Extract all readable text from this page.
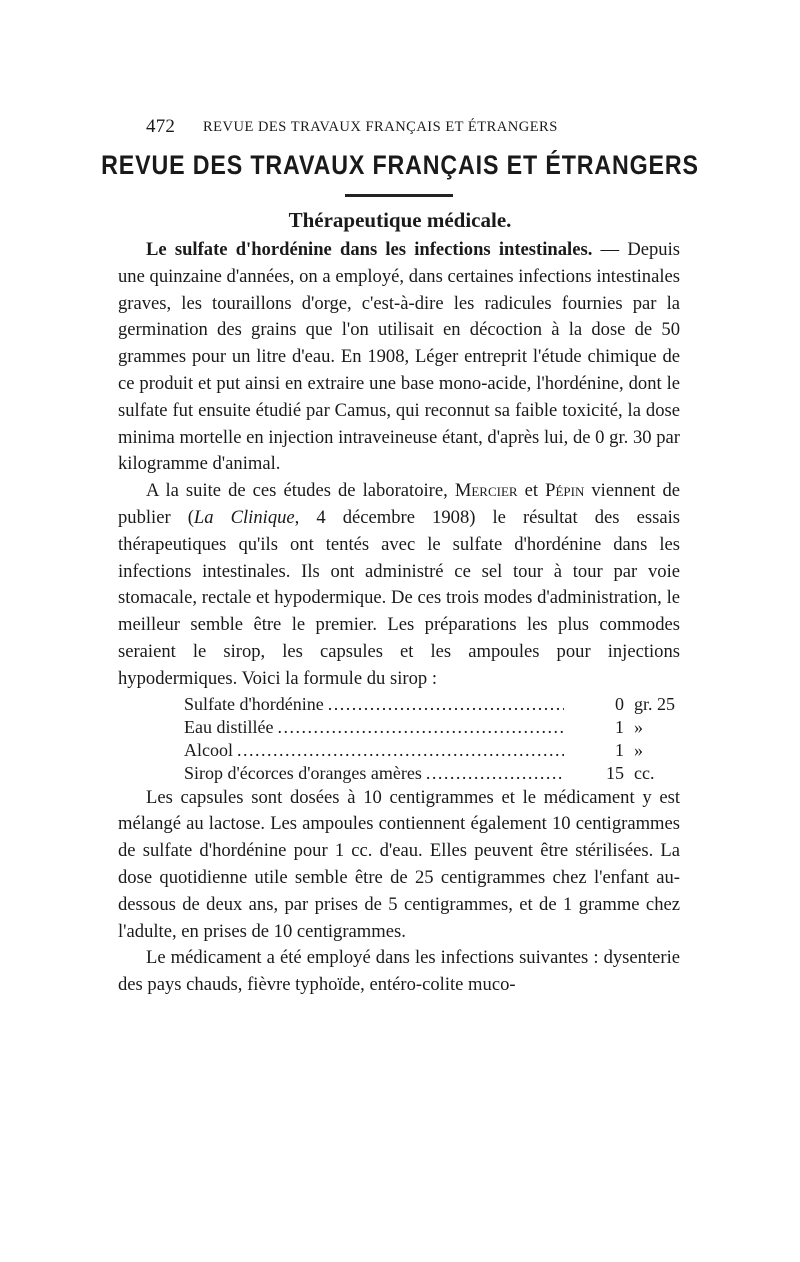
472 REVUE DES TRAVAUX FRANÇAIS ET ÉTRANGERS
REVUE DES TRAVAUX FRANÇAIS ET ÉTRANGERS
Thérapeutique médicale.

Le sulfate d'hordénine dans les infections intestinales. — Depuis une quinzaine d'années, on a employé, dans certaines infections intestinales graves, les touraillons d'orge, c'est-à-dire les radicules fournies par la germination des grains que l'on utilisait en décoction à la dose de 50 grammes pour un litre d'eau. En 1908, Léger entreprit l'étude chimique de ce produit et put ainsi en extraire une base mono-acide, l'hordénine, dont le sulfate fut ensuite étudié par Camus, qui reconnut sa faible toxicité, la dose minima mortelle en injection intraveineuse étant, d'après lui, de 0 gr. 30 par kilogramme d'animal.

A la suite de ces études de laboratoire, Mercier et Pépin viennent de publier (La Clinique, 4 décembre 1908) le résultat des essais thérapeutiques qu'ils ont tentés avec le sulfate d'hordénine dans les infections intestinales. Ils ont administré ce sel tour à tour par voie stomacale, rectale et hypodermique. De ces trois modes d'administration, le meilleur semble être le premier. Les préparations les plus commodes seraient le sirop, les capsules et les ampoules pour injections hypodermiques. Voici la formule du sirop :

Sulfate d'hordénine .....	0 gr. 25
Eau distillée .....	1 »
Alcool .....	1 »
Sirop d'écorces d'oranges amères .....	15 cc.

Les capsules sont dosées à 10 centigrammes et le médicament y est mélangé au lactose. Les ampoules contiennent également 10 centigrammes de sulfate d'hordénine pour 1 cc. d'eau. Elles peuvent être stérilisées. La dose quotidienne utile semble être de 25 centigrammes chez l'enfant au-dessous de deux ans, par prises de 5 centigrammes, et de 1 gramme chez l'adulte, en prises de 10 centigrammes.

Le médicament a été employé dans les infections suivantes : dysenterie des pays chauds, fièvre typhoïde, entéro-colite muco-
